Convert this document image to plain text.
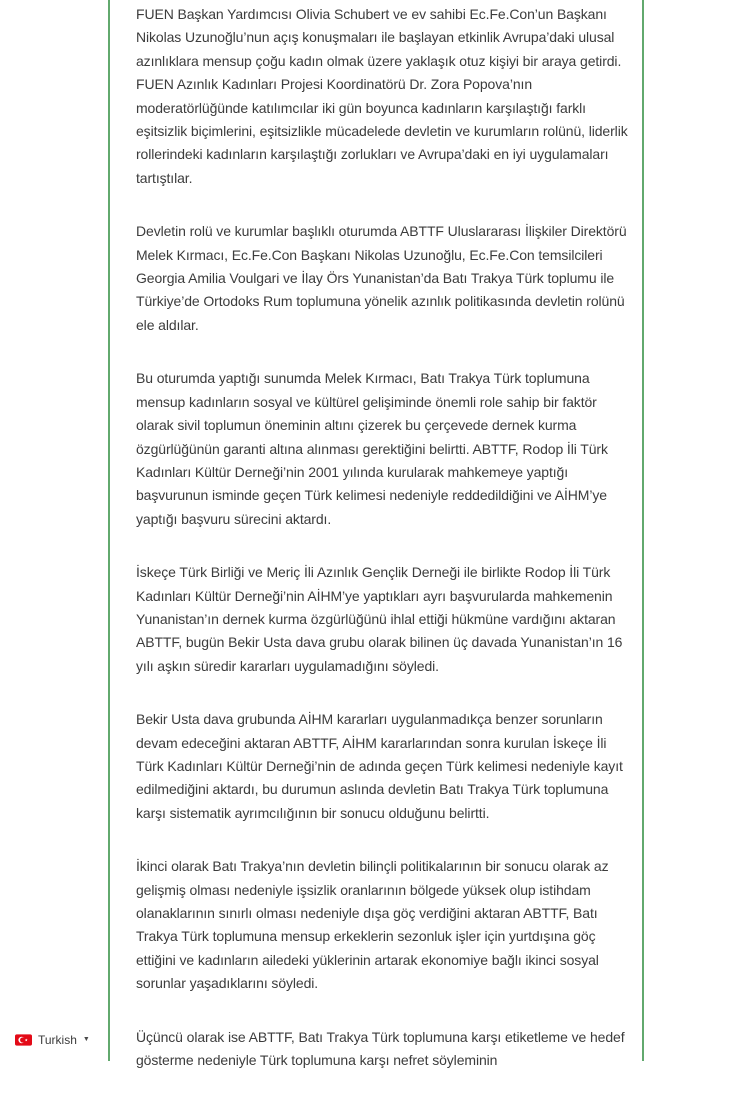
FUEN Başkan Yardımcısı Olivia Schubert ve ev sahibi Ec.Fe.Con’un Başkanı Nikolas Uzunoğlu’nun açış konuşmaları ile başlayan etkinlik Avrupa’daki ulusal azınlıklara mensup çoğu kadın olmak üzere yaklaşık otuz kişiyi bir araya getirdi. FUEN Azınlık Kadınları Projesi Koordinatörü Dr. Zora Popova’nın moderatörlüğünde katılımcılar iki gün boyunca kadınların karşılaştığı farklı eşitsizlik biçimlerini, eşitsizlikle mücadelede devletin ve kurumların rolünü, liderlik rollerindeki kadınların karşılaştığı zorlukları ve Avrupa’daki en iyi uygulamaları tartıştılar.

Devletin rolü ve kurumlar başlıklı oturumda ABTTF Uluslararası İlişkiler Direktörü Melek Kırmacı, Ec.Fe.Con Başkanı Nikolas Uzunoğlu, Ec.Fe.Con temsilcileri Georgia Amilia Voulgari ve İlay Örs Yunanistan’da Batı Trakya Türk toplumu ile Türkiye’de Ortodoks Rum toplumuna yönelik azınlık politikasında devletin rolünü ele aldılar.

Bu oturumda yaptığı sunumda Melek Kırmacı, Batı Trakya Türk toplumuna mensup kadınların sosyal ve kültürel gelişiminde önemli role sahip bir faktör olarak sivil toplumun öneminin altını çizerek bu çerçevede dernek kurma özgürlüğünün garanti altına alınması gerektiğini belirtti. ABTTF, Rodop İli Türk Kadınları Kültür Derneği’nin 2001 yılında kurularak mahkemeye yaptığı başvurunun isminde geçen Türk kelimesi nedeniyle reddedildiğini ve AİHM’ye yaptığı başvuru sürecini aktardı.

İskeçe Türk Birliği ve Meriç İli Azınlık Gençlik Derneği ile birlikte Rodop İli Türk Kadınları Kültür Derneği’nin AİHM’ye yaptıkları ayrı başvurularda mahkemenin Yunanistan’ın dernek kurma özgürlüğünü ihlal ettiği hükmüne vardığını aktaran ABTTF, bugün Bekir Usta dava grubu olarak bilinen üç davada Yunanistan’ın 16 yılı aşkın süredir kararları uygulamadığını söyledi.

Bekir Usta dava grubunda AİHM kararları uygulanmadıkça benzer sorunların devam edeceğini aktaran ABTTF, AİHM kararlarından sonra kurulan İskeçe İli Türk Kadınları Kültür Derneği’nin de adında geçen Türk kelimesi nedeniyle kayıt edilmediğini aktardı, bu durumun aslında devletin Batı Trakya Türk toplumuna karşı sistematik ayrımcılığının bir sonucu olduğunu belirtti.

İkinci olarak Batı Trakya’nın devletin bilinçli politikalarının bir sonucu olarak az gelişmiş olması nedeniyle işsizlik oranlarının bölgede yüksek olup istihdam olanaklarının sınırlı olması nedeniyle dışa göç verdiğini aktaran ABTTF, Batı Trakya Türk toplumuna mensup erkeklerin sezonluk işler için yurtdışına göç ettiğini ve kadınların ailedeki yüklerinin artarak ekonomiye bağlı ikinci sosyal sorunlar yaşadıklarını söyledi.

Üçüncü olarak ise ABTTF, Batı Trakya Türk toplumuna karşı etiketleme ve hedef gösterme nedeniyle Türk toplumuna karşı nefret söyleminin

Turkish ▼
